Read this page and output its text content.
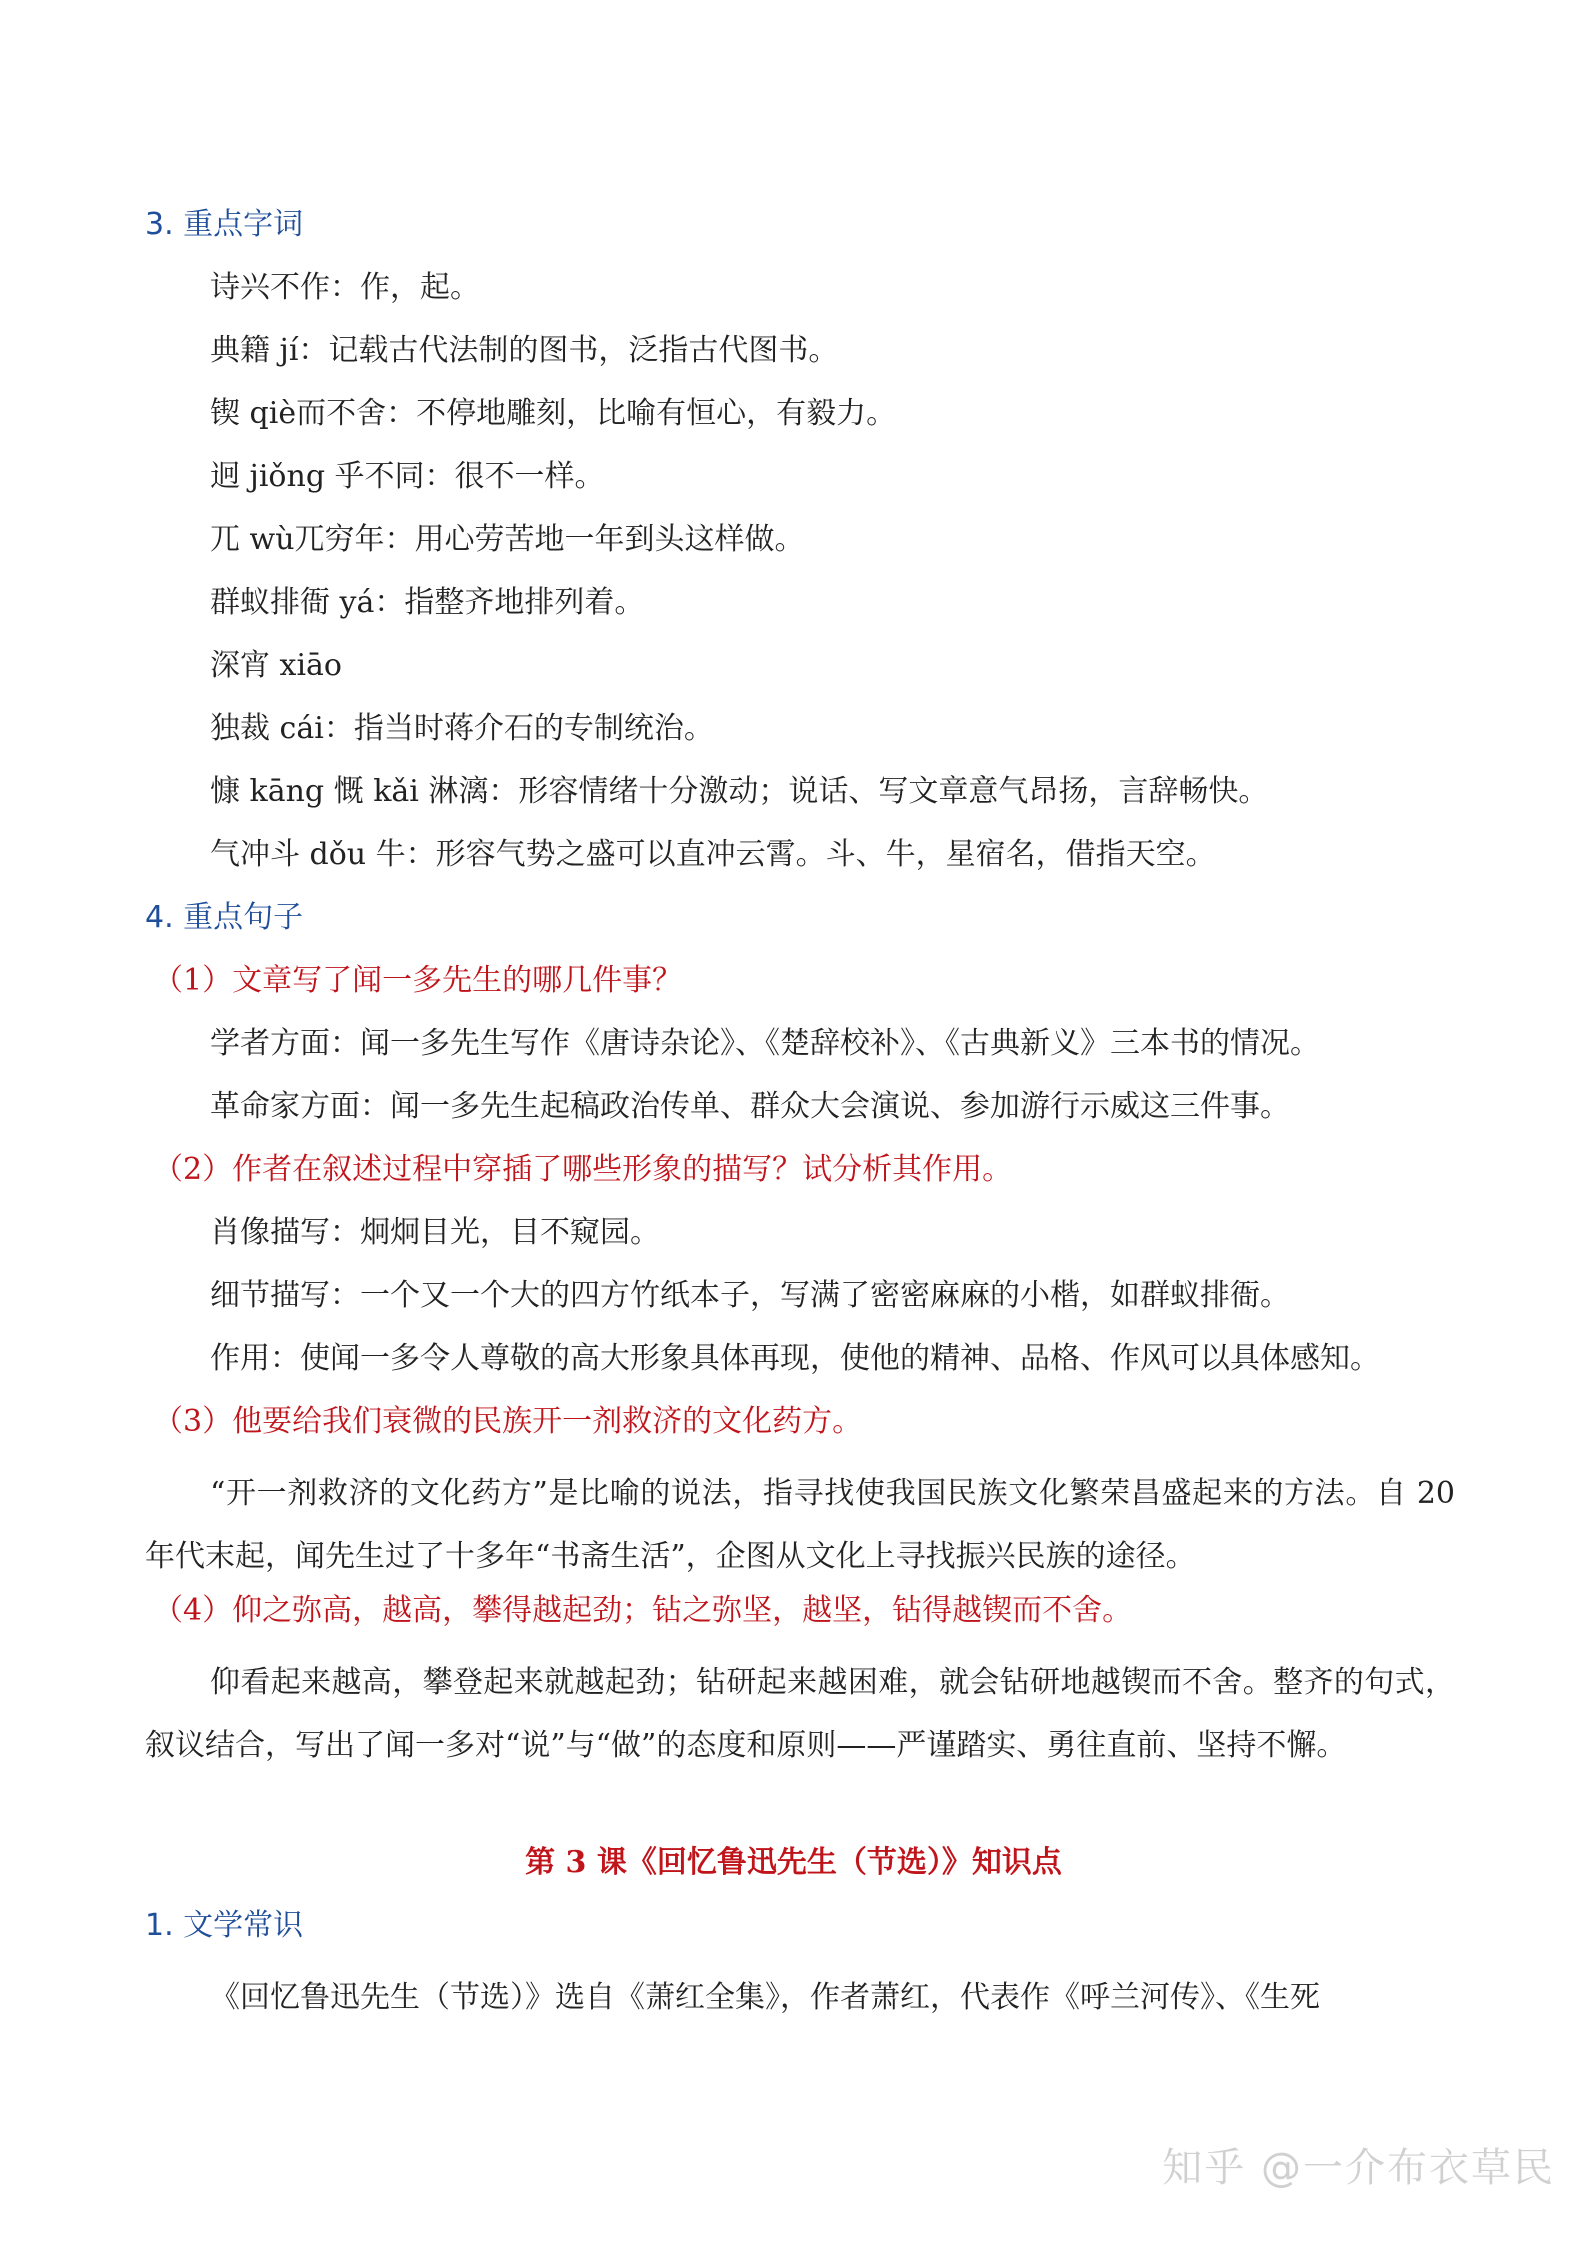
3. 重点字词
诗兴不作：作，起。
典籍 jí：记载古代法制的图书，泛指古代图书。
锲 qiè而不舍：不停地雕刻，比喻有恒心，有毅力。
迥 jiǒng 乎不同：很不一样。
兀 wù兀穷年：用心劳苦地一年到头这样做。
群蚁排衙 yá：指整齐地排列着。
深宵 xiāo
独裁 cái：指当时蒋介石的专制统治。
慷 kāng 慨 kǎi 淋漓：形容情绪十分激动；说话、写文章意气昂扬，言辞畅快。
气冲斗 dǒu 牛：形容气势之盛可以直冲云霄。斗、牛，星宿名，借指天空。
4. 重点句子
（1）文章写了闻一多先生的哪几件事？
学者方面：闻一多先生写作《唐诗杂论》、《楚辞校补》、《古典新义》三本书的情况。
革命家方面：闻一多先生起稿政治传单、群众大会演说、参加游行示威这三件事。
（2）作者在叙述过程中穿插了哪些形象的描写？试分析其作用。
肖像描写：炯炯目光，目不窥园。
细节描写：一个又一个大的四方竹纸本子，写满了密密麻麻的小楷，如群蚁排衙。
作用：使闻一多令人尊敬的高大形象具体再现，使他的精神、品格、作风可以具体感知。
（3）他要给我们衰微的民族开一剂救济的文化药方。
“开一剂救济的文化药方”是比喻的说法，指寻找使我国民族文化繁荣昌盛起来的方法。自 20 年代末起，闻先生过了十多年“书斋生活”，企图从文化上寻找振兴民族的途径。
（4）仰之弥高，越高，攀得越起劲；钻之弥坚，越坚，钻得越锲而不舍。
仰看起来越高，攀登起来就越起劲；钻研起来越困难，就会钻研地越锲而不舍。整齐的句式，叙议结合，写出了闻一多对“说”与“做”的态度和原则——严谨踏实、勇往直前、坚持不懈。
第 3 课《回忆鲁迅先生（节选）》知识点
1. 文学常识
《回忆鲁迅先生（节选）》选自《萧红全集》，作者萧红，代表作《呼兰河传》、《生死
知乎 @一介布衣草民
